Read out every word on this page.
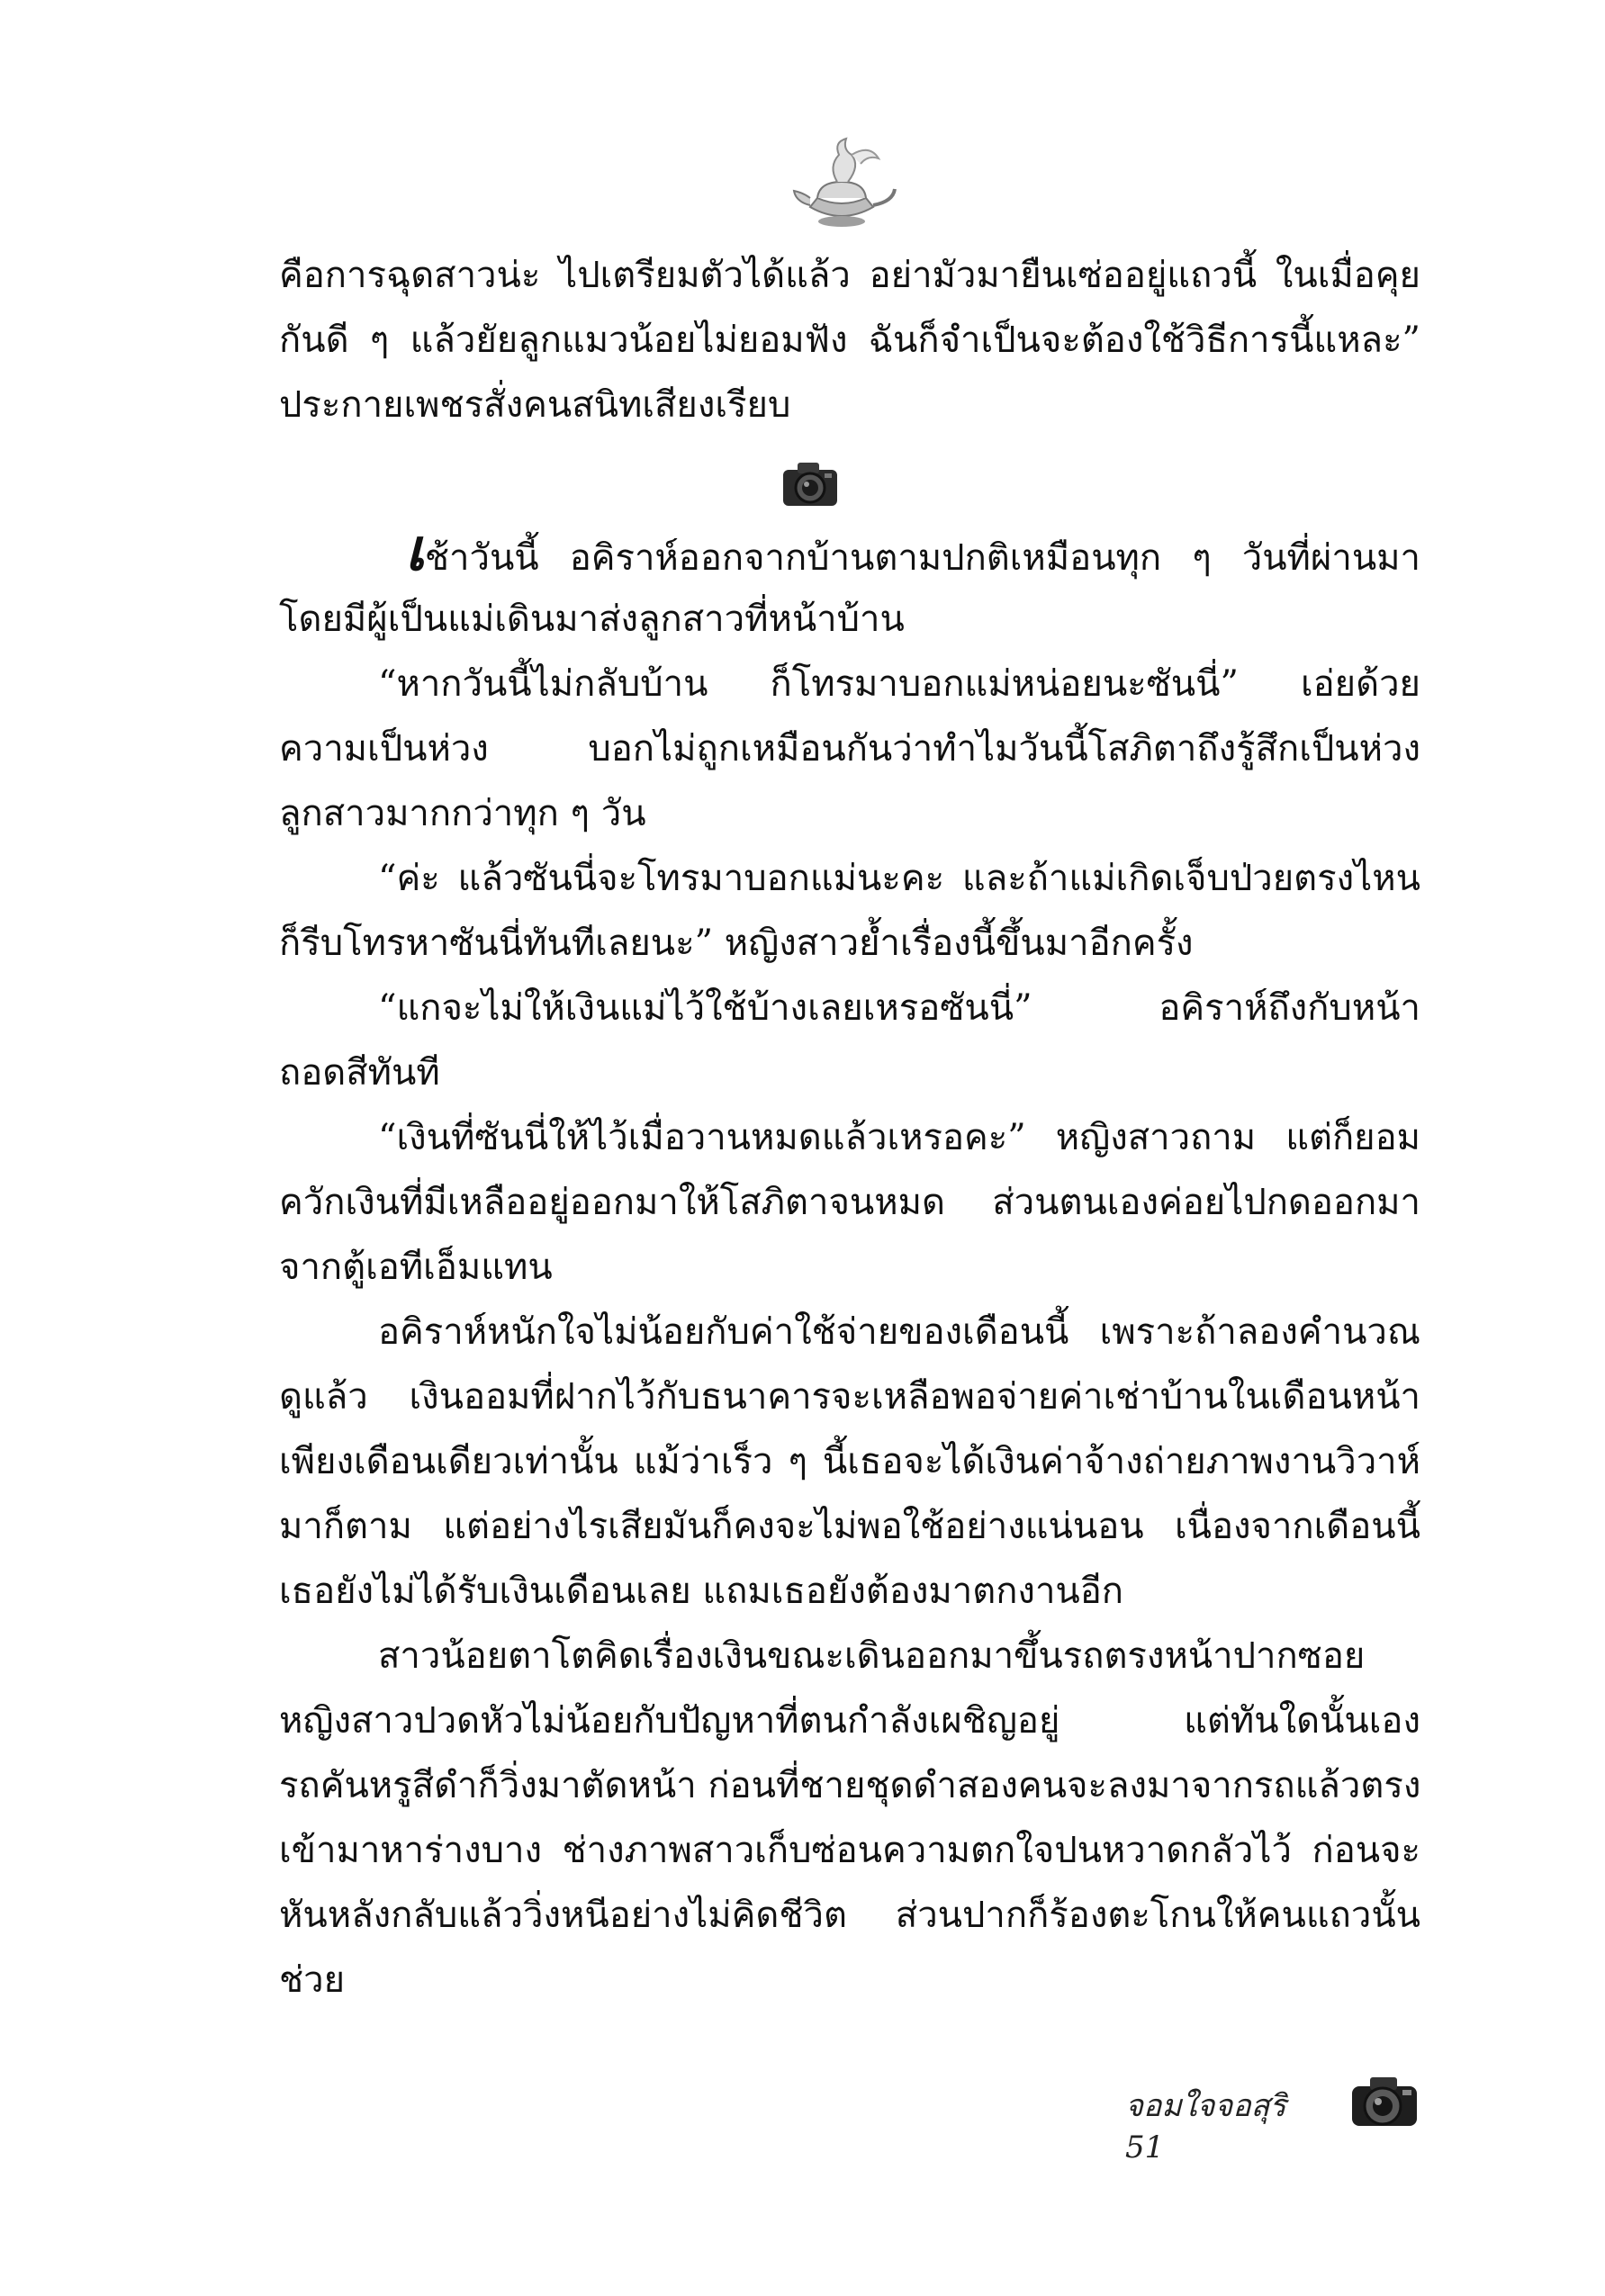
คือการฉุดสาวน่ะ ไปเตรียมตัวได้แล้ว อย่ามัวมายืนเซ่ออยู่แถวนี้ ในเมื่อคุย
กันดี ๆ แล้วยัยลูกแมวน้อยไม่ยอมฟัง ฉันก็จำเป็นจะต้องใช้วิธีการนี้แหละ”
ประกายเพชรสั่งคนสนิทเสียงเรียบ
เช้าวันนี้ อคิราห์ออกจากบ้านตามปกติเหมือนทุก ๆ วันที่ผ่านมา
โดยมีผู้เป็นแม่เดินมาส่งลูกสาวที่หน้าบ้าน
“หากวันนี้ไม่กลับบ้าน ก็โทรมาบอกแม่หน่อยนะซันนี่” เอ่ยด้วย
ความเป็นห่วง บอกไม่ถูกเหมือนกันว่าทำไมวันนี้โสภิตาถึงรู้สึกเป็นห่วง
ลูกสาวมากกว่าทุก ๆ วัน
“ค่ะ แล้วซันนี่จะโทรมาบอกแม่นะคะ และถ้าแม่เกิดเจ็บป่วยตรงไหน
ก็รีบโทรหาซันนี่ทันทีเลยนะ” หญิงสาวย้ำเรื่องนี้ขึ้นมาอีกครั้ง
“แกจะไม่ให้เงินแม่ไว้ใช้บ้างเลยเหรอซันนี่” อคิราห์ถึงกับหน้า
ถอดสีทันที
“เงินที่ซันนี่ให้ไว้เมื่อวานหมดแล้วเหรอคะ” หญิงสาวถาม แต่ก็ยอม
ควักเงินที่มีเหลืออยู่ออกมาให้โสภิตาจนหมด ส่วนตนเองค่อยไปกดออกมา
จากตู้เอทีเอ็มแทน
อคิราห์หนักใจไม่น้อยกับค่าใช้จ่ายของเดือนนี้ เพราะถ้าลองคำนวณ
ดูแล้ว เงินออมที่ฝากไว้กับธนาคารจะเหลือพอจ่ายค่าเช่าบ้านในเดือนหน้า
เพียงเดือนเดียวเท่านั้น แม้ว่าเร็ว ๆ นี้เธอจะได้เงินค่าจ้างถ่ายภาพงานวิวาห์
มาก็ตาม แต่อย่างไรเสียมันก็คงจะไม่พอใช้อย่างแน่นอน เนื่องจากเดือนนี้
เธอยังไม่ได้รับเงินเดือนเลย แถมเธอยังต้องมาตกงานอีก
สาวน้อยตาโตคิดเรื่องเงินขณะเดินออกมาขึ้นรถตรงหน้าปากซอย
หญิงสาวปวดหัวไม่น้อยกับปัญหาที่ตนกำลังเผชิญอยู่ แต่ทันใดนั้นเอง
รถคันหรูสีดำก็วิ่งมาตัดหน้า ก่อนที่ชายชุดดำสองคนจะลงมาจากรถแล้วตรง
เข้ามาหาร่างบาง ช่างภาพสาวเก็บซ่อนความตกใจปนหวาดกลัวไว้ ก่อนจะ
หันหลังกลับแล้ววิ่งหนีอย่างไม่คิดชีวิต ส่วนปากก็ร้องตะโกนให้คนแถวนั้น
ช่วย
จอมใจจอสุริ 51
